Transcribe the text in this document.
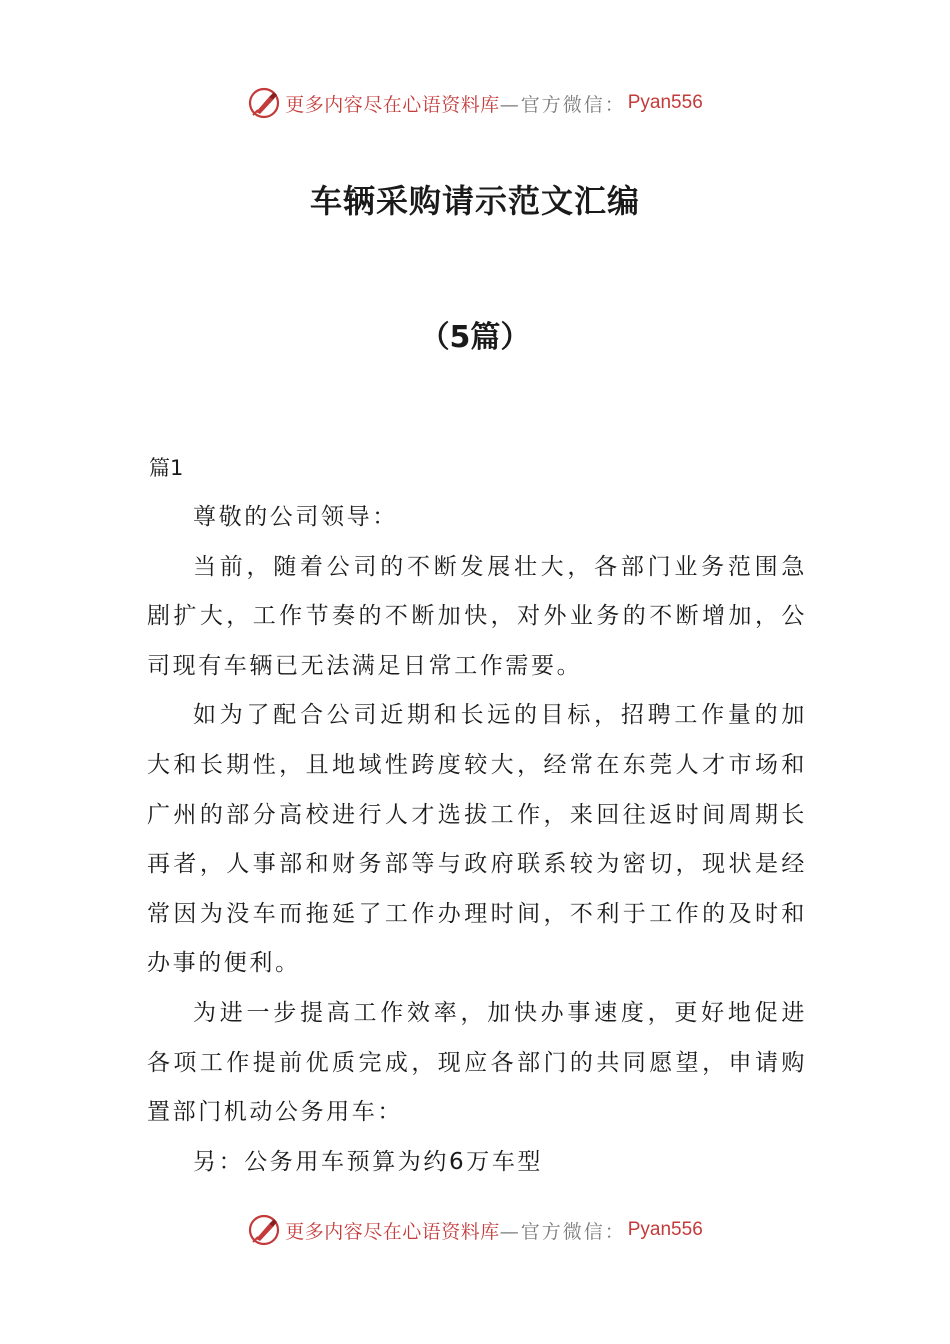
更多内容尽在心语资料库 —官方微信： Pyan556
车辆采购请示范文汇编
（5篇）
篇1

尊敬的公司领导：

当前，随着公司的不断发展壮大，各部门业务范围急剧扩大，工作节奏的不断加快，对外业务的不断增加，公司现有车辆已无法满足日常工作需要。

如为了配合公司近期和长远的目标，招聘工作量的加大和长期性，且地域性跨度较大，经常在东莞人才市场和广州的部分高校进行人才选拔工作，来回往返时间周期长再者，人事部和财务部等与政府联系较为密切，现状是经常因为没车而拖延了工作办理时间，不利于工作的及时和办事的便利。

为进一步提高工作效率，加快办事速度，更好地促进各项工作提前优质完成，现应各部门的共同愿望，申请购置部门机动公务用车：

另：公务用车预算为约6万车型

更多内容尽在心语资料库 —官方微信： Pyan556
